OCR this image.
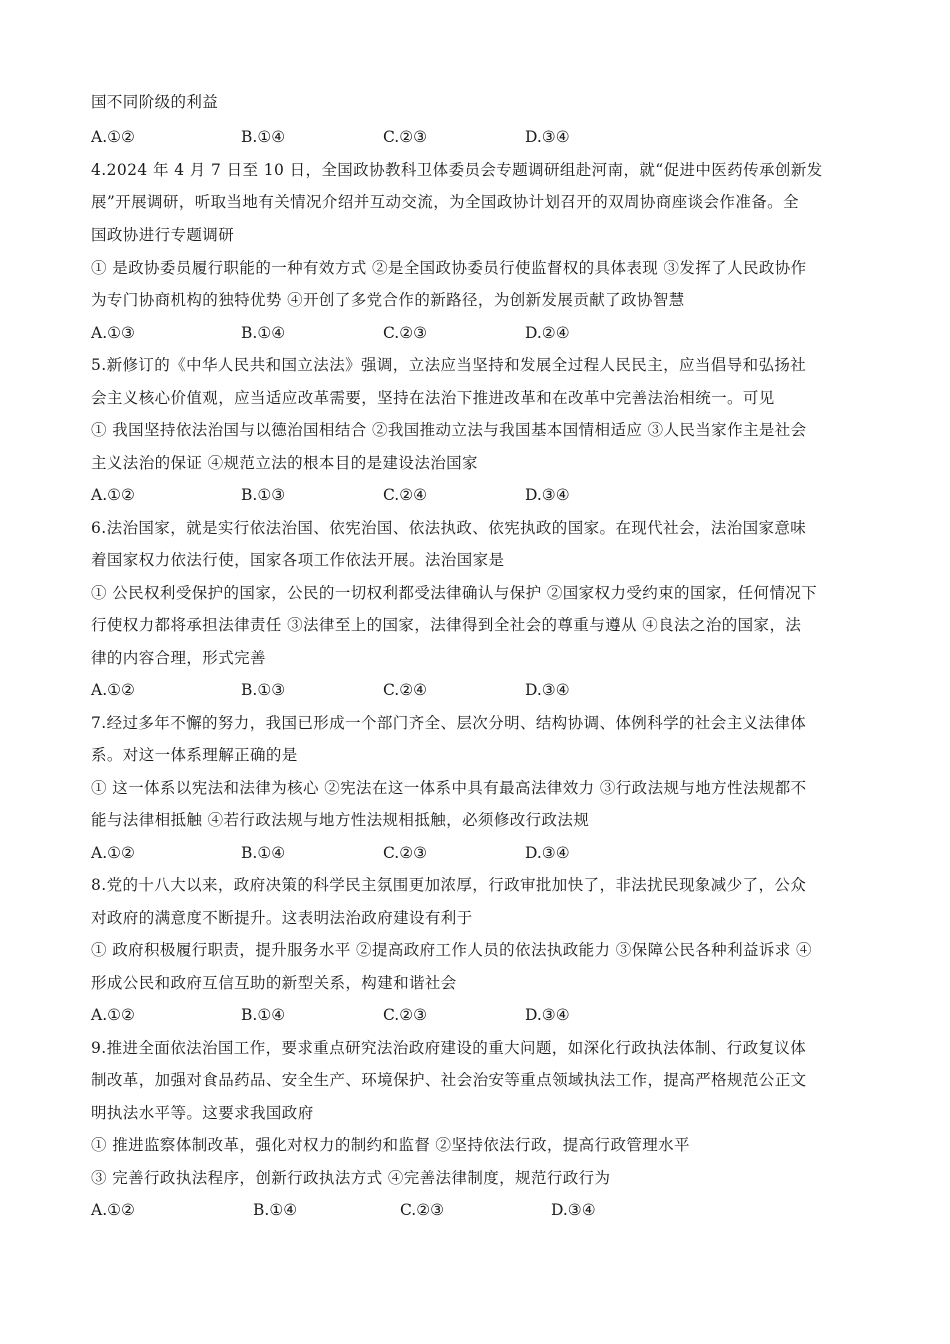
国不同阶级的利益
A.①②	B.①④	C.②③	D.③④
4.2024 年 4 月 7 日至 10 日，全国政协教科卫体委员会专题调研组赴河南，就“促进中医药传承创新发
展”开展调研，听取当地有关情况介绍并互动交流，为全国政协计划召开的双周协商座谈会作准备。全
国政协进行专题调研
① 是政协委员履行职能的一种有效方式 ②是全国政协委员行使监督权的具体表现 ③发挥了人民政协作
为专门协商机构的独特优势 ④开创了多党合作的新路径，为创新发展贡献了政协智慧
A.①③	B.①④	C.②③	D.②④
5.新修订的《中华人民共和国立法法》强调，立法应当坚持和发展全过程人民民主，应当倡导和弘扬社
会主义核心价值观，应当适应改革需要，坚持在法治下推进改革和在改革中完善法治相统一。可见
① 我国坚持依法治国与以德治国相结合 ②我国推动立法与我国基本国情相适应 ③人民当家作主是社会
主义法治的保证 ④规范立法的根本目的是建设法治国家
A.①②	B.①③	C.②④	D.③④
6.法治国家，就是实行依法治国、依宪治国、依法执政、依宪执政的国家。在现代社会，法治国家意味
着国家权力依法行使，国家各项工作依法开展。法治国家是
① 公民权利受保护的国家，公民的一切权利都受法律确认与保护 ②国家权力受约束的国家，任何情况下
行使权力都将承担法律责任 ③法律至上的国家，法律得到全社会的尊重与遵从 ④良法之治的国家，法
律的内容合理，形式完善
A.①②	B.①③	C.②④	D.③④
7.经过多年不懈的努力，我国已形成一个部门齐全、层次分明、结构协调、体例科学的社会主义法律体
系。对这一体系理解正确的是
① 这一体系以宪法和法律为核心 ②宪法在这一体系中具有最高法律效力 ③行政法规与地方性法规都不
能与法律相抵触 ④若行政法规与地方性法规相抵触，必须修改行政法规
A.①②	B.①④	C.②③	D.③④
8.党的十八大以来，政府决策的科学民主氛围更加浓厚，行政审批加快了，非法扰民现象减少了，公众
对政府的满意度不断提升。这表明法治政府建设有利于
① 政府积极履行职责，提升服务水平 ②提高政府工作人员的依法执政能力 ③保障公民各种利益诉求 ④
形成公民和政府互信互助的新型关系，构建和谐社会
A.①②	B.①④	C.②③	D.③④
9.推进全面依法治国工作，要求重点研究法治政府建设的重大问题，如深化行政执法体制、行政复议体
制改革，加强对食品药品、安全生产、环境保护、社会治安等重点领域执法工作，提高严格规范公正文
明执法水平等。这要求我国政府
① 推进监察体制改革，强化对权力的制约和监督 ②坚持依法行政，提高行政管理水平
③ 完善行政执法程序，创新行政执法方式 ④完善法律制度，规范行政行为
A.①②	B.①④	C.②③	D.③④
